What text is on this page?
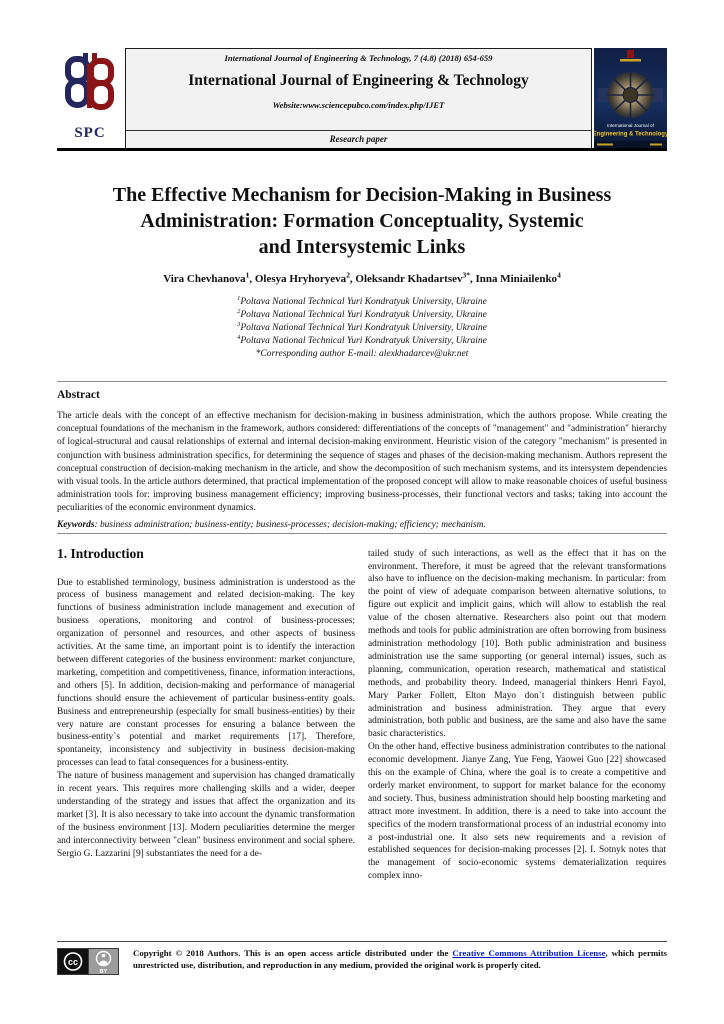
SPC
International Journal of Engineering & Technology, 7 (4.8) (2018) 654-659
International Journal of Engineering & Technology
Website:www.sciencepubco.com/index.php/IJET
Research paper
International Journal of
Engineering & Technology
The Effective Mechanism for Decision-Making in Business
Administration: Formation Conceptuality, Systemic
and Intersystemic Links
Vira Chevhanova$^1$, Olesya Hryhoryeva$^2$, Oleksandr Khadartsev$^{3*}$, Inna Miniailenko$^4$
$^1$Poltava National Technical Yuri Kondratyuk University, Ukraine
$^2$Poltava National Technical Yuri Kondratyuk University, Ukraine
$^3$Poltava National Technical Yuri Kondratyuk University, Ukraine
$^4$Poltava National Technical Yuri Kondratyuk University, Ukraine
*Corresponding author E-mail: alexkhadarcev@ukr.net
Abstract
The article deals with the concept of an effective mechanism for decision-making in business administration, which the authors propose. While creating the conceptual foundations of the mechanism in the framework, authors considered: differentiations of the concepts of "management" and "administration" hierarchy of logical-structural and causal relationships of external and internal decision-making environment. Heuristic vision of the category "mechanism" is presented in conjunction with business administration specifics, for determining the sequence of stages and phases of the decision-making mechanism. Authors represent the conceptual construction of decision-making mechanism in the article, and show the decomposition of such mechanism systems, and its intersystem dependencies with visual tools. In the article authors determined, that practical implementation of the proposed concept will allow to make reasonable choices of useful business administration tools for: improving business management efficiency; improving business-processes, their functional vectors and tasks; taking into account the peculiarities of the economic environment dynamics.
Keywords: business administration; business-entity; business-processes; decision-making; efficiency; mechanism.
1. Introduction

Due to established terminology, business administration is understood as the process of business management and related decision-making. The key functions of business administration include management and execution of business operations, monitoring and control of business-processes; organization of personnel and resources, and other aspects of business activities. At the same time, an important point is to identify the interaction between different categories of the business environment: market conjuncture, marketing, competition and competitiveness, finance, information interactions, and others [5]. In addition, decision-making and performance of managerial functions should ensure the achievement of particular business-entity goals. Business and entrepreneurship (especially for small business-entities) by their very nature are constant processes for ensuring a balance between the business-entity`s potential and market requirements [17]. Therefore, spontaneity, inconsistency and subjectivity in business decision-making processes can lead to fatal consequences for a business-entity.

The nature of business management and supervision has changed dramatically in recent years. This requires more challenging skills and a wider, deeper understanding of the strategy and issues that affect the organization and its market [3]. It is also necessary to take into account the dynamic transformation of the business environment [13]. Modern peculiarities determine the merger and interconnectivity between "clean" business environment and social sphere. Sergio G. Lazzarini [9] substantiates the need for a de-

tailed study of such interactions, as well as the effect that it has on the environment. Therefore, it must be agreed that the relevant transformations also have to influence on the decision-making mechanism. In particular: from the point of view of adequate comparison between alternative solutions, to figure out explicit and implicit gains, which will allow to establish the real value of the chosen alternative. Researchers also point out that modern methods and tools for public administration are often borrowing from business administration methodology [10]. Both public administration and business administration use the same supporting (or general internal) issues, such as planning, communication, operation research, mathematical and statistical methods, and probability theory. Indeed, managerial thinkers Henri Fayol, Mary Parker Follett, Elton Mayo don`t distinguish between public administration and business administration. They argue that every administration, both public and business, are the same and also have the same basic characteristics.

On the other hand, effective business administration contributes to the national economic development. Jianye Zang, Yue Feng, Yaowei Guo [22] showcased this on the example of China, where the goal is to create a competitive and orderly market environment, to support for market balance for the economy and society. Thus, business administration should help boosting marketing and attract more investment. In addition, there is a need to take into account the specifics of the modern transformational process of an industrial economy into a post-industrial one. It also sets new requirements and a revision of established sequences for decision-making processes [2]. I. Sotnyk notes that the management of socio-economic systems dematerialization requires complex inno-

cc
BY
Copyright © 2018 Authors. This is an open access article distributed under the Creative Commons Attribution License, which permits unrestricted use, distribution, and reproduction in any medium, provided the original work is properly cited.
